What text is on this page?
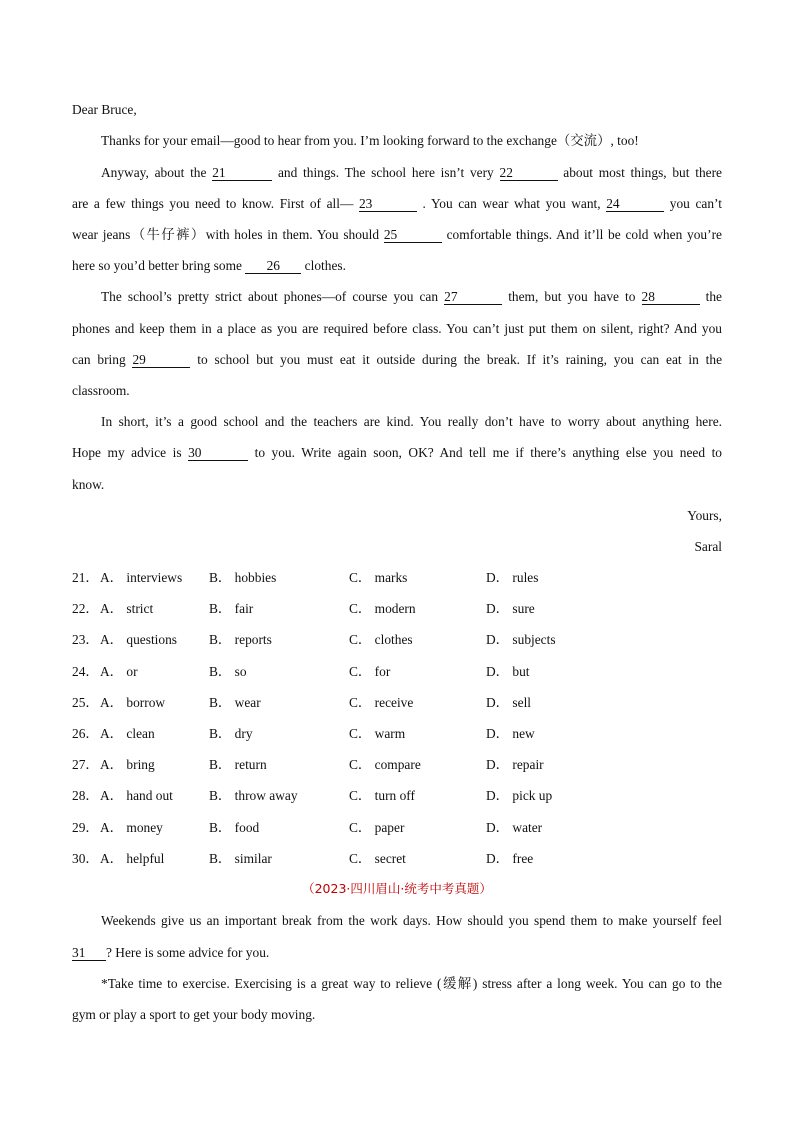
Dear Bruce,
Thanks for your email—good to hear from you. I’m looking forward to the exchange（交流）, too!
Anyway, about the 21	and things. The school here isn’t very 22	about most things, but there
are a few things you need to know. First of all— 23	. You can wear what you want, 24	you can’t
wear jeans（牛仔裤）with holes in them. You should 25	comfortable things. And it’ll be cold when you’re
here so you’d better bring some 26 clothes.
The school’s pretty strict about phones—of course you can 27	them, but you have to 28	the
phones and keep them in a place as you are required before class. You can’t just put them on silent, right? And you
can bring 29	to school but you must eat it outside during the break. If it’s raining, you can eat in the
classroom.
In short, it’s a good school and the teachers are kind. You really don’t have to worry about anything here.
Hope my advice is 30	to you. Write again soon, OK? And tell me if there’s anything else you need to
know.
Yours,
Saral
21． A． interviews B． hobbies	C． marks	D． rules
22． A． strict	B． fair	C． modern	D． sure
23． A． questions B． reports	C． clothes	D． subjects
24． A． or	B． so	C． for	D． but
25． A． borrow	B． wear	C． receive	D． sell
26． A． clean	B． dry	C． warm	D． new
27． A． bring	B． return	C． compare	D． repair
28． A． hand out	B． throw away	C． turn off	D． pick up
29． A． money	B． food	C． paper	D． water
30． A． helpful	B． similar	C． secret	D． free
（2023·四川眉山·统考中考真题）
Weekends give us an important break from the work days. How should you spend them to make yourself feel
31 ? Here is some advice for you.
*Take time to exercise. Exercising is a great way to relieve (缓解) stress after a long week. You can go to the
gym or play a sport to get your body moving.
